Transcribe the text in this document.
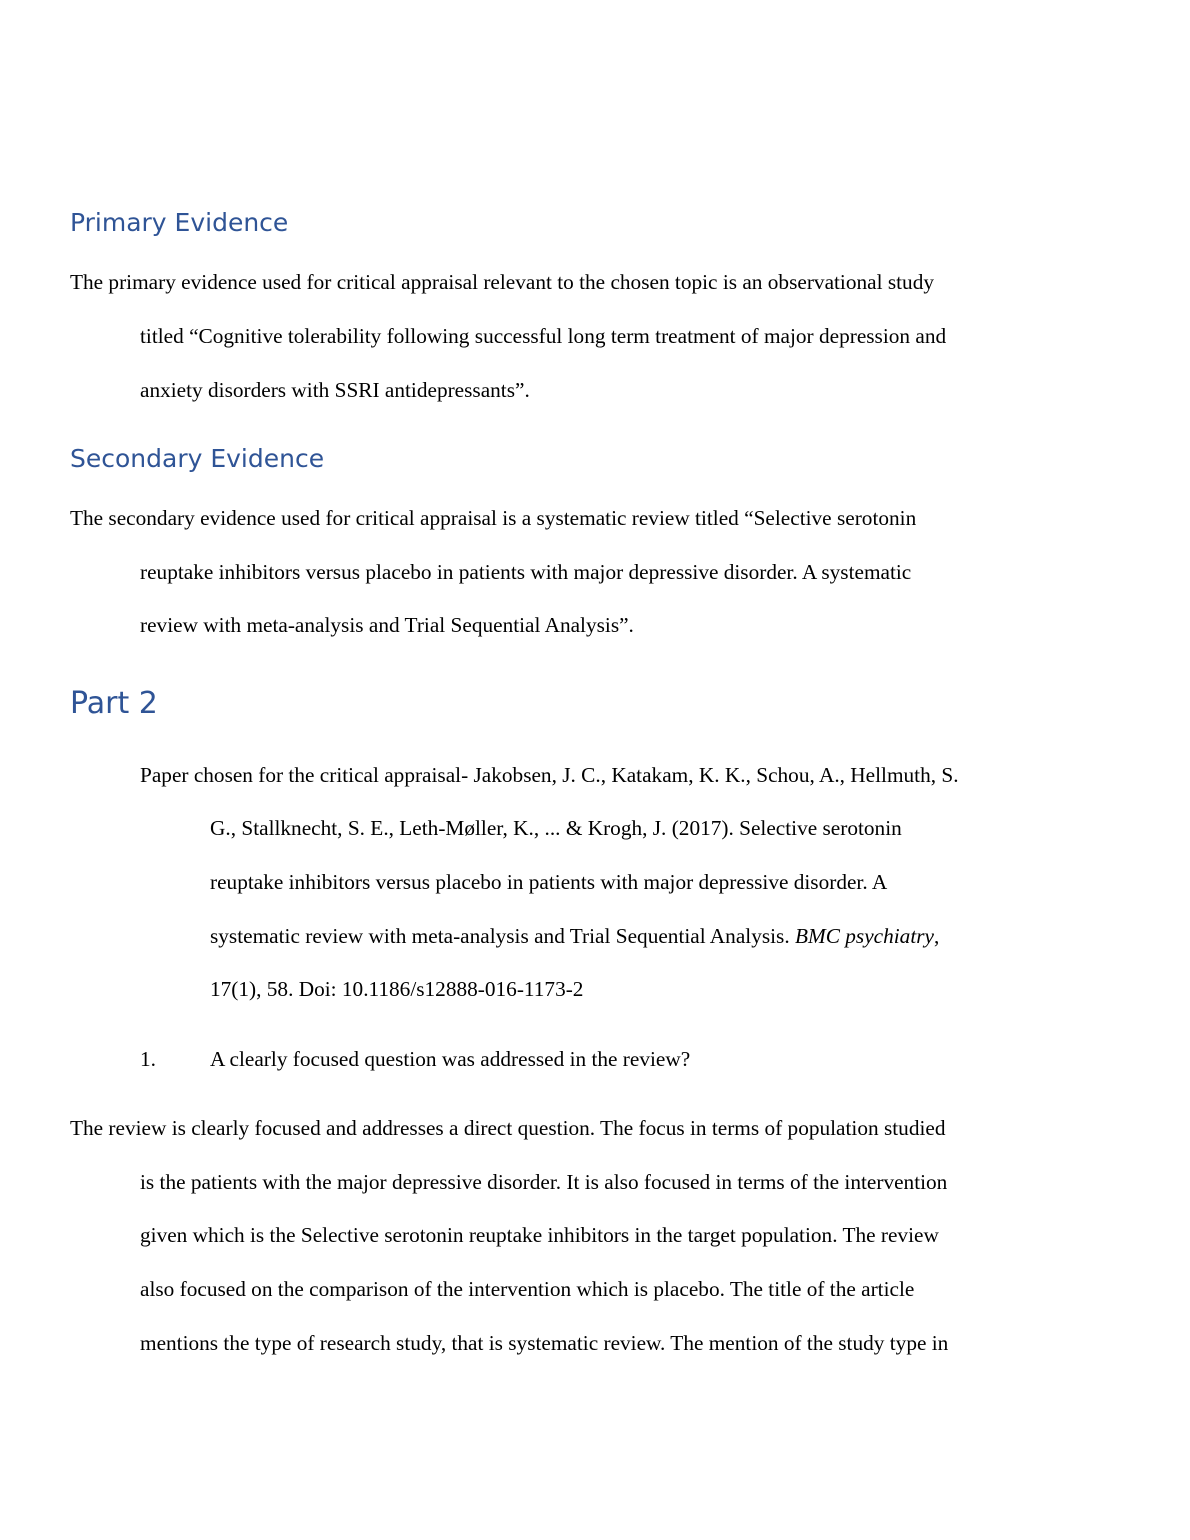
Primary Evidence
The primary evidence used for critical appraisal relevant to the chosen topic is an observational study
titled “Cognitive tolerability following successful long term treatment of major depression and
anxiety disorders with SSRI antidepressants”.
Secondary Evidence
The secondary evidence used for critical appraisal is a systematic review titled “Selective serotonin
reuptake inhibitors versus placebo in patients with major depressive disorder. A systematic
review with meta-analysis and Trial Sequential Analysis”.
Part 2
Paper chosen for the critical appraisal- Jakobsen, J. C., Katakam, K. K., Schou, A., Hellmuth, S.
G., Stallknecht, S. E., Leth-Møller, K., ... & Krogh, J. (2017). Selective serotonin
reuptake inhibitors versus placebo in patients with major depressive disorder. A
systematic review with meta-analysis and Trial Sequential Analysis. BMC psychiatry,
17(1), 58. Doi: 10.1186/s12888-016-1173-2
1.	A clearly focused question was addressed in the review?
The review is clearly focused and addresses a direct question. The focus in terms of population studied
is the patients with the major depressive disorder. It is also focused in terms of the intervention
given which is the Selective serotonin reuptake inhibitors in the target population. The review
also focused on the comparison of the intervention which is placebo. The title of the article
mentions the type of research study, that is systematic review. The mention of the study type in
